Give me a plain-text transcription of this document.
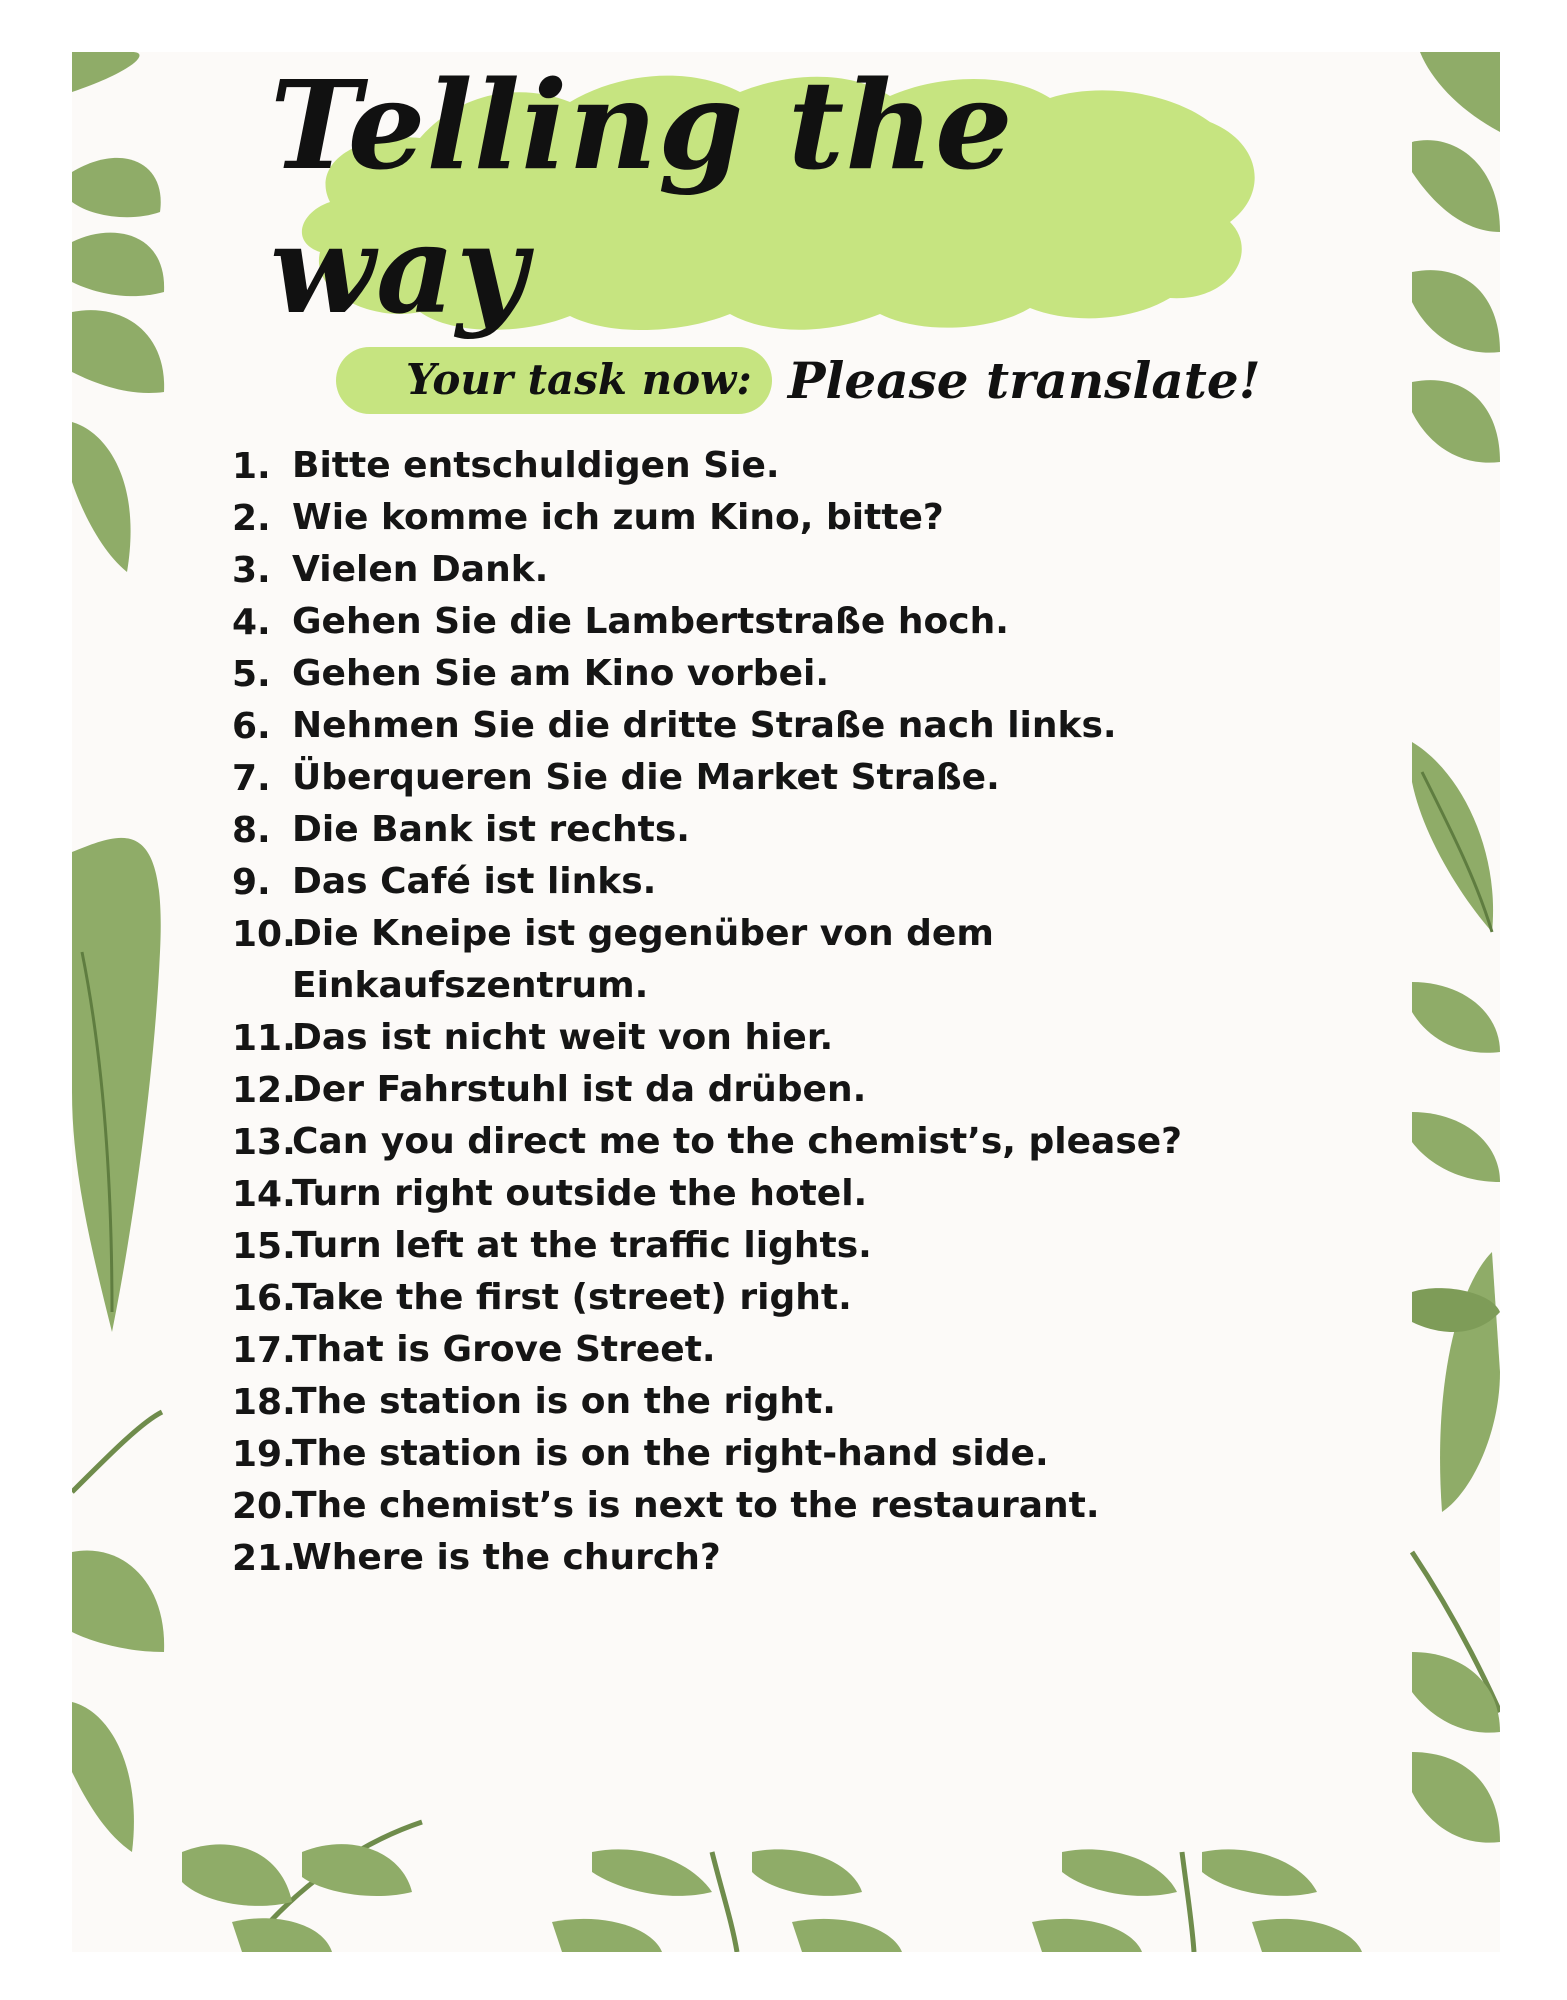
Telling the way
Your task now: Please translate!
1. Bitte entschuldigen Sie.
2. Wie komme ich zum Kino, bitte?
3. Vielen Dank.
4. Gehen Sie die Lambertstraße hoch.
5. Gehen Sie am Kino vorbei.
6. Nehmen Sie die dritte Straße nach links.
7. Überqueren Sie die Market Straße.
8. Die Bank ist rechts.
9. Das Café ist links.
10.
Die Kneipe ist gegenüber von dem
Einkaufszentrum.
11.
Das ist nicht weit von hier.
12.
Der Fahrstuhl ist da drüben.
13.
Can you direct me to the chemist’s, please?
14.
Turn right outside the hotel.
15.
Turn left at the traffic lights.
16.
Take the first (street) right.
17.
That is Grove Street.
18.
The station is on the right.
19.
The station is on the right-hand side.
20.
The chemist’s is next to the restaurant.
21.
Where is the church?
